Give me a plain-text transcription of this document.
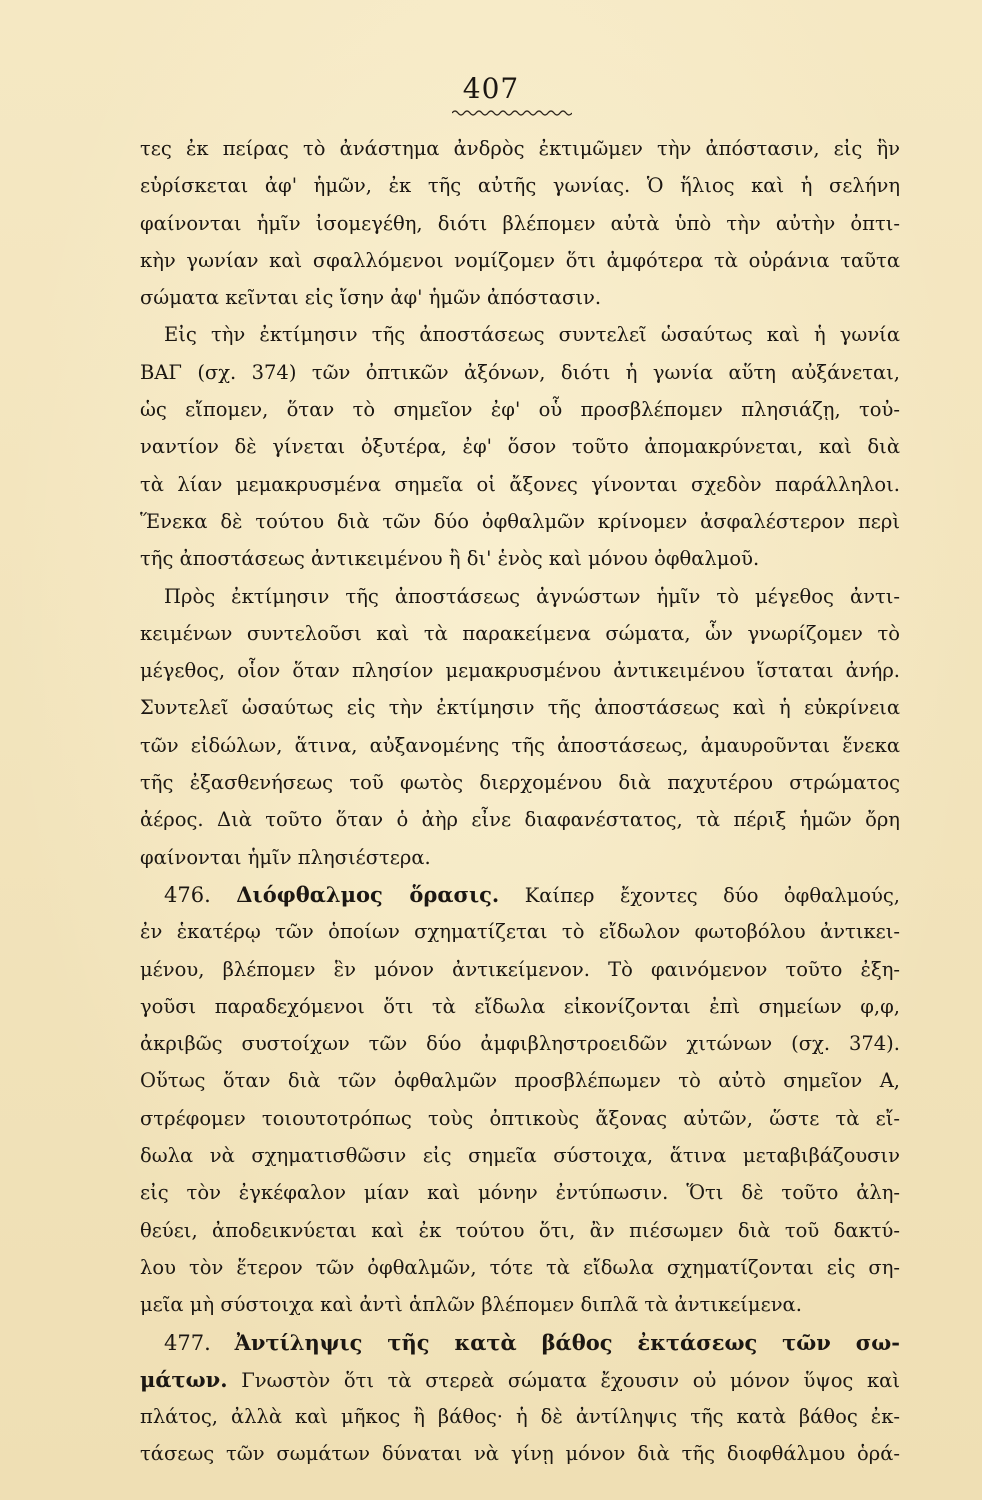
407
τες ἐκ πείρας τὸ ἀνάστημα ἀνδρὸς ἐκτιμῶμεν τὴν ἀπόστασιν, εἰς ἣν
εὑρίσκεται ἀφ' ἡμῶν, ἐκ τῆς αὐτῆς γωνίας. Ὁ ἥλιος καὶ ἡ σελήνη
φαίνονται ἡμῖν ἰσομεγέθη, διότι βλέπομεν αὐτὰ ὑπὸ τὴν αὐτὴν ὀπτι-
κὴν γωνίαν καὶ σφαλλόμενοι νομίζομεν ὅτι ἀμφότερα τὰ οὐράνια ταῦτα
σώματα κεῖνται εἰς ἴσην ἀφ' ἡμῶν ἀπόστασιν.
Εἰς τὴν ἐκτίμησιν τῆς ἀποστάσεως συντελεῖ ὡσαύτως καὶ ἡ γωνία
ΒΑΓ (σχ. 374) τῶν ὀπτικῶν ἀξόνων, διότι ἡ γωνία αὕτη αὐξάνεται,
ὡς εἴπομεν, ὅταν τὸ σημεῖον ἐφ' οὗ προσβλέπομεν πλησιάζῃ, τοὐ-
ναντίον δὲ γίνεται ὀξυτέρα, ἐφ' ὅσον τοῦτο ἀπομακρύνεται, καὶ διὰ
τὰ λίαν μεμακρυσμένα σημεῖα οἱ ἄξονες γίνονται σχεδὸν παράλληλοι.
Ἕνεκα δὲ τούτου διὰ τῶν δύο ὀφθαλμῶν κρίνομεν ἀσφαλέστερον περὶ
τῆς ἀποστάσεως ἀντικειμένου ἢ δι' ἑνὸς καὶ μόνου ὀφθαλμοῦ.
Πρὸς ἐκτίμησιν τῆς ἀποστάσεως ἀγνώστων ἡμῖν τὸ μέγεθος ἀντι-
κειμένων συντελοῦσι καὶ τὰ παρακείμενα σώματα, ὧν γνωρίζομεν τὸ
μέγεθος, οἷον ὅταν πλησίον μεμακρυσμένου ἀντικειμένου ἵσταται ἀνήρ.
Συντελεῖ ὡσαύτως εἰς τὴν ἐκτίμησιν τῆς ἀποστάσεως καὶ ἡ εὐκρίνεια
τῶν εἰδώλων, ἅτινα, αὐξανομένης τῆς ἀποστάσεως, ἀμαυροῦνται ἕνεκα
τῆς ἐξασθενήσεως τοῦ φωτὸς διερχομένου διὰ παχυτέρου στρώματος
ἀέρος. Διὰ τοῦτο ὅταν ὁ ἀὴρ εἶνε διαφανέστατος, τὰ πέριξ ἡμῶν ὄρη
φαίνονται ἡμῖν πλησιέστερα.
476. Διόφθαλμος ὅρασις. Καίπερ ἔχοντες δύο ὀφθαλμούς,
ἐν ἑκατέρῳ τῶν ὁποίων σχηματίζεται τὸ εἴδωλον φωτοβόλου ἀντικει-
μένου, βλέπομεν ἓν μόνον ἀντικείμενον. Τὸ φαινόμενον τοῦτο ἐξη-
γοῦσι παραδεχόμενοι ὅτι τὰ εἴδωλα εἰκονίζονται ἐπὶ σημείων φ,φ,
ἀκριβῶς συστοίχων τῶν δύο ἀμφιβληστροειδῶν χιτώνων (σχ. 374).
Οὕτως ὅταν διὰ τῶν ὀφθαλμῶν προσβλέπωμεν τὸ αὐτὸ σημεῖον Α,
στρέφομεν τοιουτοτρόπως τοὺς ὀπτικοὺς ἄξονας αὐτῶν, ὥστε τὰ εἴ-
δωλα νὰ σχηματισθῶσιν εἰς σημεῖα σύστοιχα, ἅτινα μεταβιβάζουσιν
εἰς τὸν ἐγκέφαλον μίαν καὶ μόνην ἐντύπωσιν. Ὅτι δὲ τοῦτο ἀλη-
θεύει, ἀποδεικνύεται καὶ ἐκ τούτου ὅτι, ἂν πιέσωμεν διὰ τοῦ δακτύ-
λου τὸν ἕτερον τῶν ὀφθαλμῶν, τότε τὰ εἴδωλα σχηματίζονται εἰς ση-
μεῖα μὴ σύστοιχα καὶ ἀντὶ ἁπλῶν βλέπομεν διπλᾶ τὰ ἀντικείμενα.
477. Ἀντίληψις τῆς κατὰ βάθος ἐκτάσεως τῶν σω-
μάτων. Γνωστὸν ὅτι τὰ στερεὰ σώματα ἔχουσιν οὐ μόνον ὕψος καὶ
πλάτος, ἀλλὰ καὶ μῆκος ἢ βάθος· ἡ δὲ ἀντίληψις τῆς κατὰ βάθος ἐκ-
τάσεως τῶν σωμάτων δύναται νὰ γίνῃ μόνον διὰ τῆς διοφθάλμου ὁρά-
